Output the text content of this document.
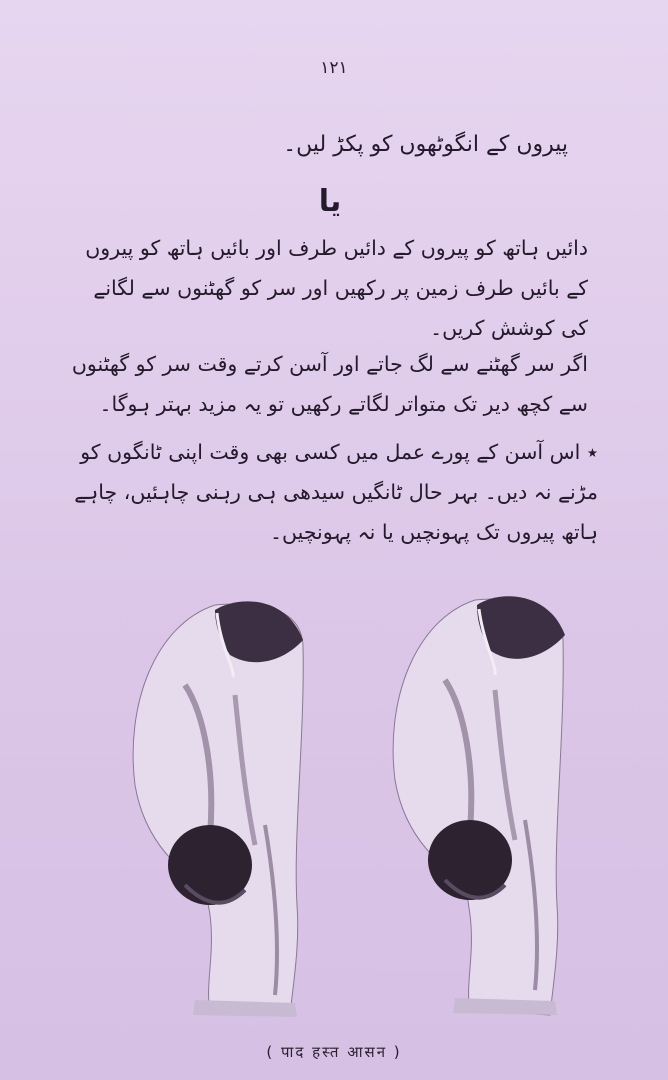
١٢١
پیروں کے انگوٹھوں کو پکڑ لیں۔
یا
دائیں ہاتھ کو پیروں کے دائیں طرف اور بائیں ہاتھ کو پیروں کے بائیں طرف زمین پر رکھیں اور سر کو گھٹنوں سے لگانے کی کوشش کریں۔
اگر سر گھٹنے سے لگ جاتے اور آسن کرتے وقت سر کو گھٹنوں سے کچھ دیر تک متواتر لگاتے رکھیں تو یہ مزید بہتر ہوگا۔
٭ اس آسن کے پورے عمل میں کسی بھی وقت اپنی ٹانگوں کو مڑنے نہ دیں۔ بہر حال ٹانگیں سیدھی ہی رہنی چاہئیں، چاہے ہاتھ پیروں تک پہونچیں یا نہ پہونچیں۔
( पाद हस्त आसन )
